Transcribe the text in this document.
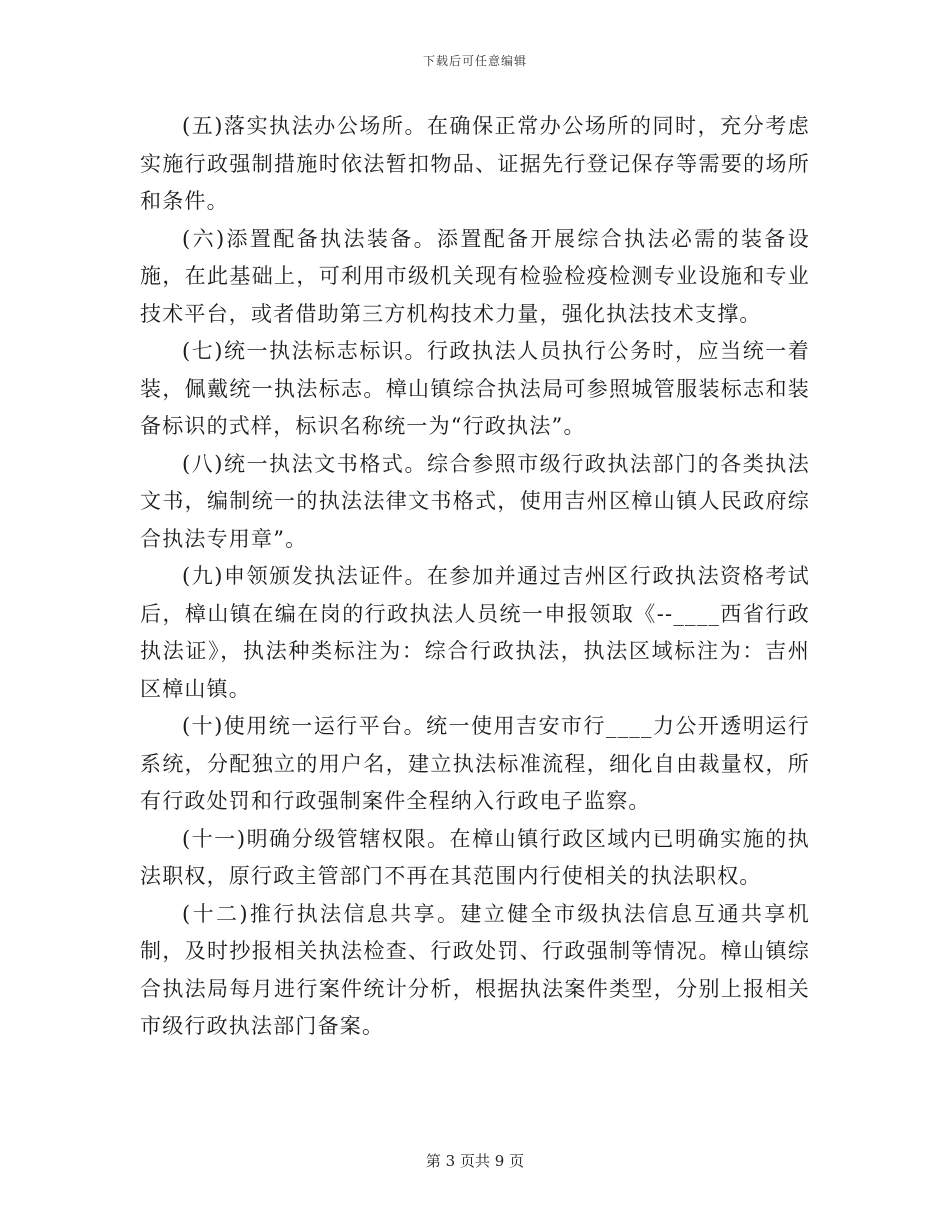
下载后可任意编辑

(五)落实执法办公场所。在确保正常办公场所的同时，充分考虑实施行政强制措施时依法暂扣物品、证据先行登记保存等需要的场所和条件。

(六)添置配备执法装备。添置配备开展综合执法必需的装备设施，在此基础上，可利用市级机关现有检验检疫检测专业设施和专业技术平台，或者借助第三方机构技术力量，强化执法技术支撑。

(七)统一执法标志标识。行政执法人员执行公务时，应当统一着装，佩戴统一执法标志。樟山镇综合执法局可参照城管服装标志和装备标识的式样，标识名称统一为“行政执法”。

(八)统一执法文书格式。综合参照市级行政执法部门的各类执法文书，编制统一的执法法律文书格式，使用吉州区樟山镇人民政府综合执法专用章”。

(九)申领颁发执法证件。在参加并通过吉州区行政执法资格考试后，樟山镇在编在岗的行政执法人员统一申报领取《--____西省行政执法证》，执法种类标注为：综合行政执法，执法区域标注为：吉州区樟山镇。

(十)使用统一运行平台。统一使用吉安市行____力公开透明运行系统，分配独立的用户名，建立执法标准流程，细化自由裁量权，所有行政处罚和行政强制案件全程纳入行政电子监察。

(十一)明确分级管辖权限。在樟山镇行政区域内已明确实施的执法职权，原行政主管部门不再在其范围内行使相关的执法职权。

(十二)推行执法信息共享。建立健全市级执法信息互通共享机制，及时抄报相关执法检查、行政处罚、行政强制等情况。樟山镇综合执法局每月进行案件统计分析，根据执法案件类型，分别上报相关市级行政执法部门备案。

第 3 页共 9 页
